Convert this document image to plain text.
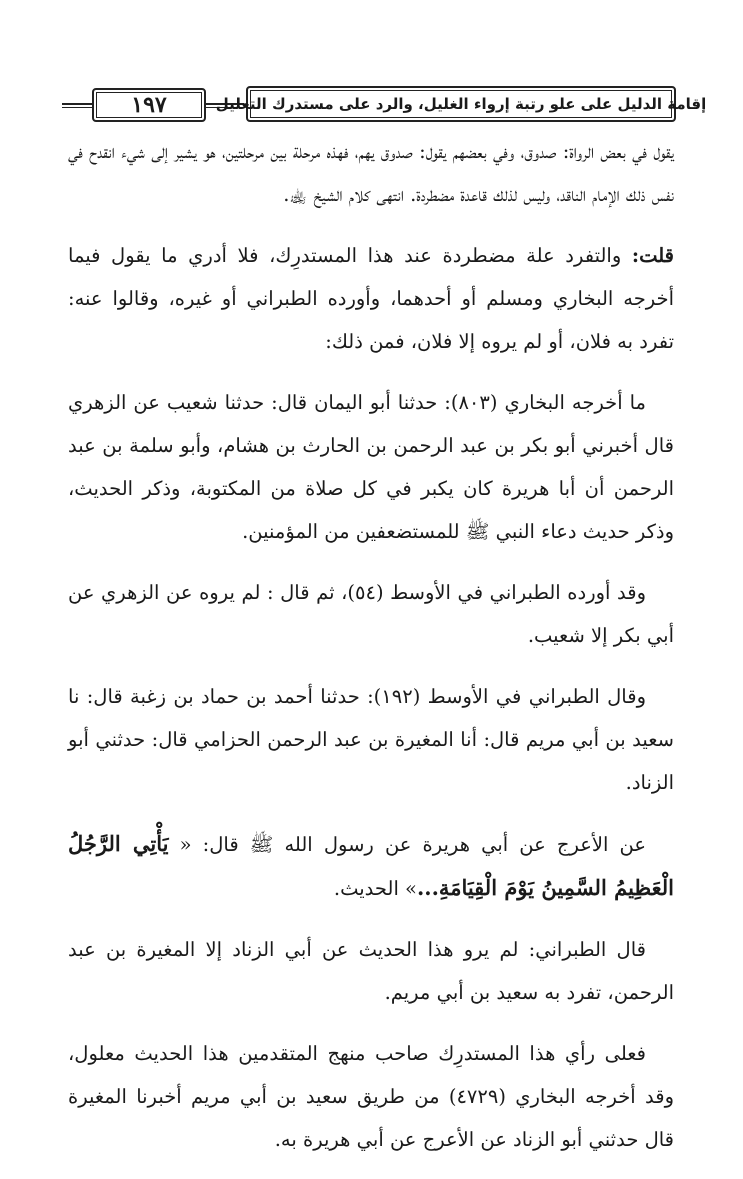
١٩٧	إقامة الدليل على علو رتبة إرواء الغليل، والرد على مستدرك التعليل

يقول في بعض الرواة: صدوق، وفي بعضهم يقول: صدوق يهم، فهذه مرحلة بين مرحلتين، هو يشير إلى شيء انقدح في نفس ذلك الإمام الناقد، وليس لذلك قاعدة مضطردة. انتهى كلام الشيخ ﵀.

قلت: والتفرد علة مضطردة عند هذا المستدرِك، فلا أدري ما يقول فيما أخرجه البخاري ومسلم أو أحدهما، وأورده الطبراني أو غيره، وقالوا عنه: تفرد به فلان، أو لم يروه إلا فلان، فمن ذلك:

ما أخرجه البخاري (٨٠٣): حدثنا أبو اليمان قال: حدثنا شعيب عن الزهري قال أخبرني أبو بكر بن عبد الرحمن بن الحارث بن هشام، وأبو سلمة بن عبد الرحمن أن أبا هريرة كان يكبر في كل صلاة من المكتوبة، وذكر الحديث، وذكر حديث دعاء النبي ﷺ للمستضعفين من المؤمنين.

وقد أورده الطبراني في الأوسط (٥٤)، ثم قال : لم يروه عن الزهري عن أبي بكر إلا شعيب.

وقال الطبراني في الأوسط (١٩٢): حدثنا أحمد بن حماد بن زغبة قال: نا سعيد بن أبي مريم قال: أنا المغيرة بن عبد الرحمن الحزامي قال: حدثني أبو الزناد.

عن الأعرج عن أبي هريرة عن رسول الله ﷺ قال: « يَأْتِي الرَّجُلُ الْعَظِيمُ السَّمِينُ يَوْمَ الْقِيَامَةِ...» الحديث.

قال الطبراني: لم يرو هذا الحديث عن أبي الزناد إلا المغيرة بن عبد الرحمن، تفرد به سعيد بن أبي مريم.

فعلى رأي هذا المستدرِك صاحب منهج المتقدمين هذا الحديث معلول، وقد أخرجه البخاري (٤٧٢٩) من طريق سعيد بن أبي مريم أخبرنا المغيرة قال حدثني أبو الزناد عن الأعرج عن أبي هريرة به.
